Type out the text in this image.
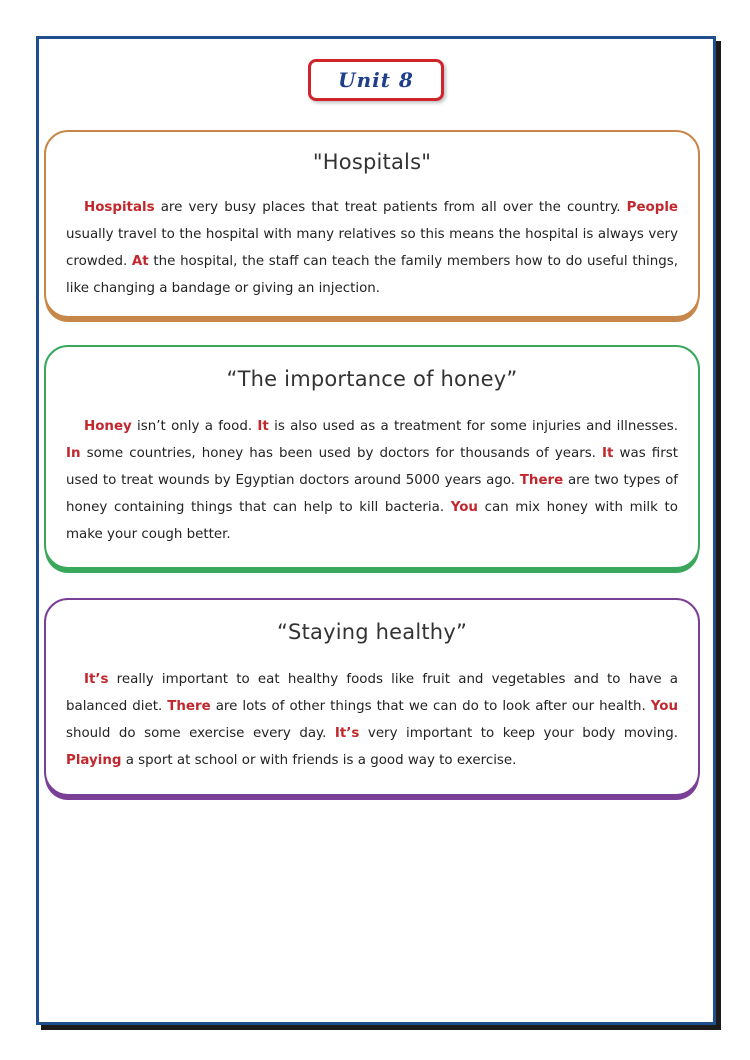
Unit 8
"Hospitals"

Hospitals are very busy places that treat patients from all over the country. People usually travel to the hospital with many relatives so this means the hospital is always very crowded. At the hospital, the staff can teach the family members how to do useful things, like changing a bandage or giving an injection.

“The importance of honey”

Honey isn’t only a food. It is also used as a treatment for some injuries and illnesses. In some countries, honey has been used by doctors for thousands of years. It was first used to treat wounds by Egyptian doctors around 5000 years ago. There are two types of honey containing things that can help to kill bacteria. You can mix honey with milk to make your cough better.

“Staying healthy”

It’s really important to eat healthy foods like fruit and vegetables and to have a balanced diet. There are lots of other things that we can do to look after our health. You should do some exercise every day. It’s very important to keep your body moving. Playing a sport at school or with friends is a good way to exercise.
